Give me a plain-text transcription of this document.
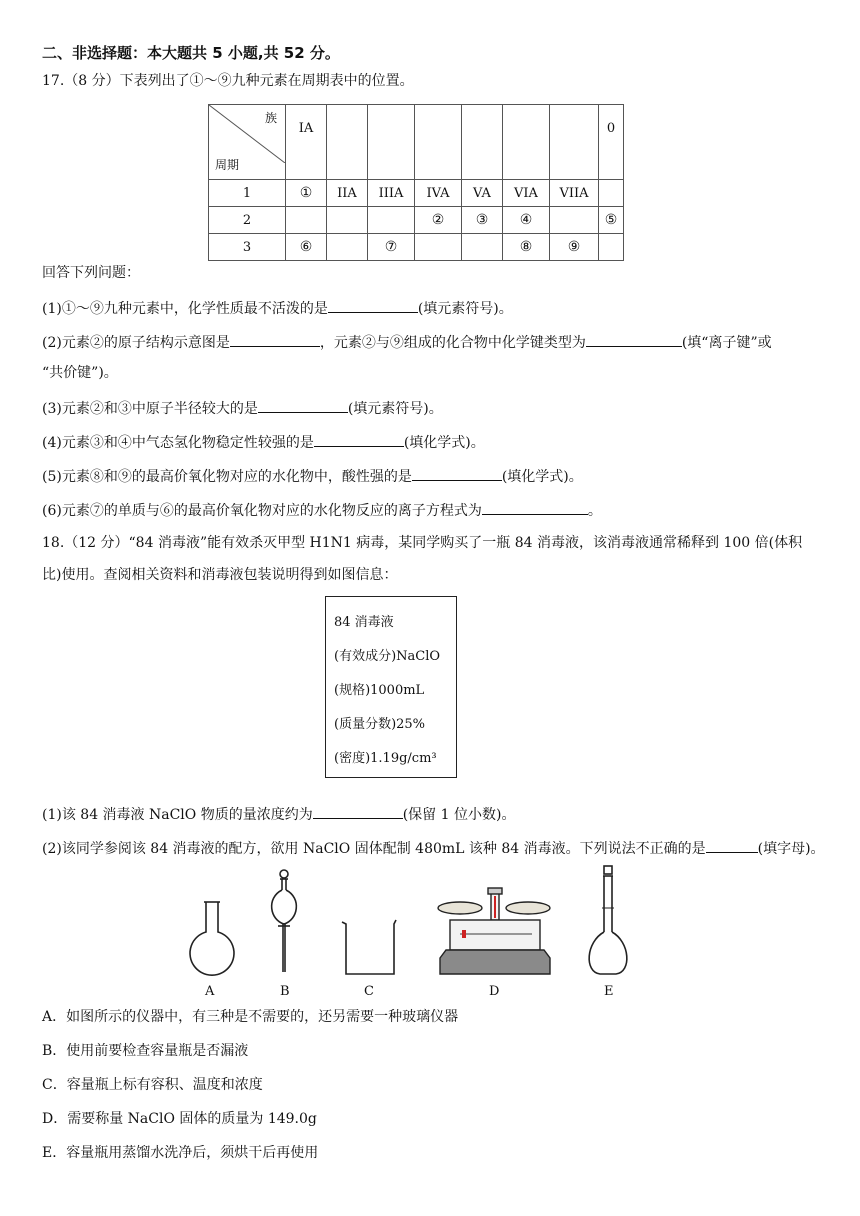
二、非选择题：本大题共 5 小题,共 52 分。
17.（8 分）下表列出了①～⑨九种元素在周期表中的位置。
族
周期	IA							0
1	①	IIA	IIIA	IVA	VA	VIA	VIIA	
2				②	③	④		⑤
3	⑥		⑦			⑧	⑨	
回答下列问题：
(1)①～⑨九种元素中，化学性质最不活泼的是	(填元素符号)。
(2)元素②的原子结构示意图是	，元素②与⑨组成的化合物中化学键类型为	(填“离子键”或
“共价键”)。
(3)元素②和③中原子半径较大的是	(填元素符号)。
(4)元素③和④中气态氢化物稳定性较强的是	(填化学式)。
(5)元素⑧和⑨的最高价氧化物对应的水化物中，酸性强的是	(填化学式)。
(6)元素⑦的单质与⑥的最高价氧化物对应的水化物反应的离子方程式为	。
18.（12 分）“84 消毒液”能有效杀灭甲型 H1N1 病毒，某同学购买了一瓶 84 消毒液，该消毒液通常稀释到 100 倍(体积
比)使用。查阅相关资料和消毒液包装说明得到如图信息：
84 消毒液
(有效成分)NaClO
(规格)1000mL
(质量分数)25%
(密度)1.19g/cm³
(1)该 84 消毒液 NaClO 物质的量浓度约为	(保留 1 位小数)。
(2)该同学参阅该 84 消毒液的配方，欲用 NaClO 固体配制 480mL 该种 84 消毒液。下列说法不正确的是	(填字母)。
A	B	C	D	E
A．如图所示的仪器中，有三种是不需要的，还另需要一种玻璃仪器
B．使用前要检查容量瓶是否漏液
C．容量瓶上标有容积、温度和浓度
D．需要称量 NaClO 固体的质量为 149.0g
E．容量瓶用蒸馏水洗净后，须烘干后再使用
